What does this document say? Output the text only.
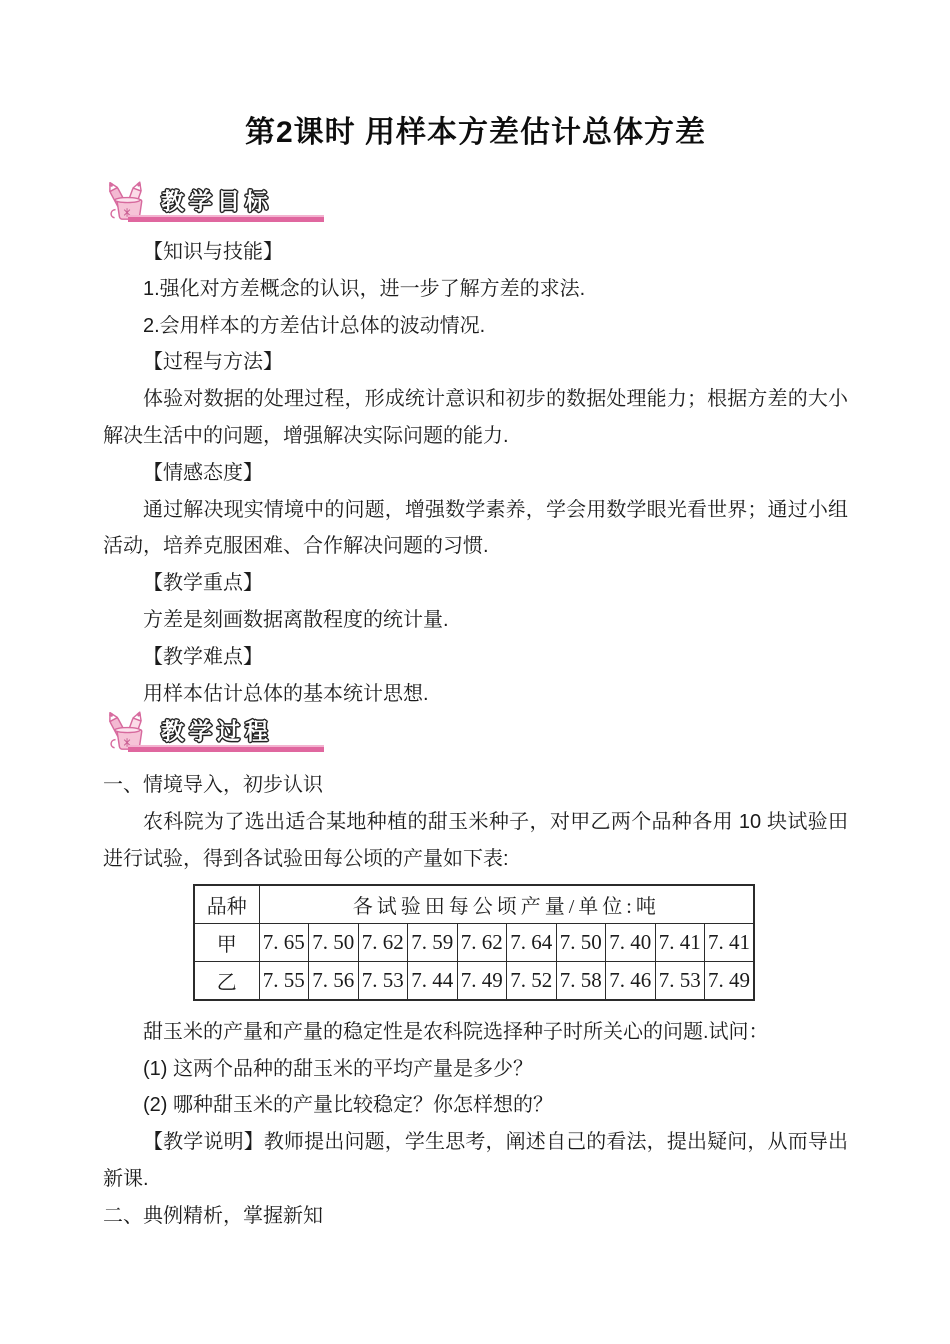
第2课时 用样本方差估计总体方差
教学目标

【知识与技能】

1.强化对方差概念的认识，进一步了解方差的求法.

2.会用样本的方差估计总体的波动情况.

【过程与方法】

体验对数据的处理过程，形成统计意识和初步的数据处理能力；根据方差的大小解决生活中的问题，增强解决实际问题的能力.

【情感态度】

通过解决现实情境中的问题，增强数学素养，学会用数学眼光看世界；通过小组活动，培养克服困难、合作解决问题的习惯.

【教学重点】

方差是刻画数据离散程度的统计量.

【教学难点】

用样本估计总体的基本统计思想.

教学过程

一、情境导入，初步认识

农科院为了选出适合某地种植的甜玉米种子，对甲乙两个品种各用 10 块试验田进行试验，得到各试验田每公顷的产量如下表:

品种	各试验田每公顷产量/单位:吨									
甲	7. 65	7. 50	7. 62	7. 59	7. 62	7. 64	7. 50	7. 40	7. 41	7. 41
乙	7. 55	7. 56	7. 53	7. 44	7. 49	7. 52	7. 58	7. 46	7. 53	7. 49

甜玉米的产量和产量的稳定性是农科院选择种子时所关心的问题.试问：

(1) 这两个品种的甜玉米的平均产量是多少？

(2) 哪种甜玉米的产量比较稳定？你怎样想的？

【教学说明】教师提出问题，学生思考，阐述自己的看法，提出疑问，从而导出新课.

二、典例精析，掌握新知
